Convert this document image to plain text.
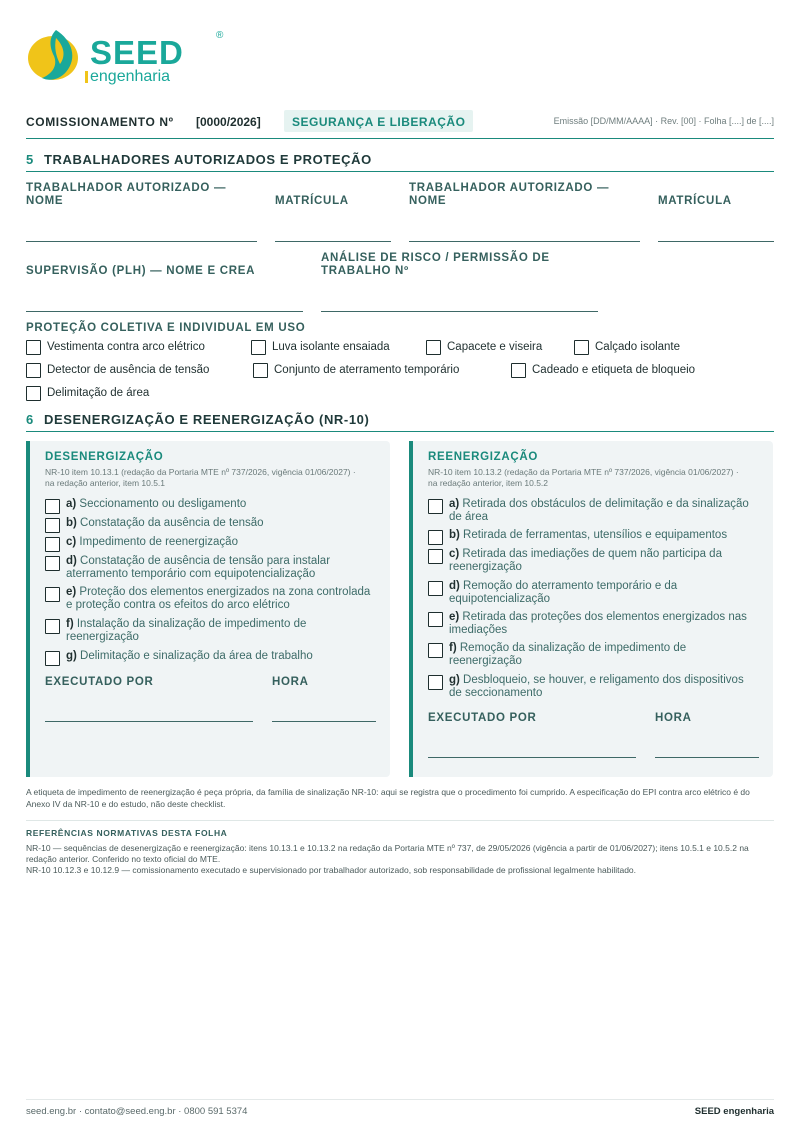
SEED
engenharia
®
COMISSIONAMENTO Nº [0000/2026]	SEGURANÇA E LIBERAÇÃO	Emissão [DD/MM/AAAA] · Rev. [00] · Folha [....] de [....]
5 TRABALHADORES AUTORIZADOS E PROTEÇÃO
TRABALHADOR AUTORIZADO — NOME	MATRÍCULA
TRABALHADOR AUTORIZADO — NOME	MATRÍCULA
SUPERVISÃO (PLH) — NOME E CREA
ANÁLISE DE RISCO / PERMISSÃO DE TRABALHO Nº
PROTEÇÃO COLETIVA E INDIVIDUAL EM USO
Vestimenta contra arco elétrico	Luva isolante ensaiada	Capacete e viseira	Calçado isolante
Detector de ausência de tensão	Conjunto de aterramento temporário	Cadeado e etiqueta de bloqueio
Delimitação de área
6 DESENERGIZAÇÃO E REENERGIZAÇÃO (NR-10)
DESENERGIZAÇÃO
NR-10 item 10.13.1 (redação da Portaria MTE nº 737/2026, vigência 01/06/2027) · na redação anterior, item 10.5.1
a) Seccionamento ou desligamento
b) Constatação da ausência de tensão
c) Impedimento de reenergização
d) Constatação de ausência de tensão para instalar aterramento temporário com equipotencialização
e) Proteção dos elementos energizados na zona controlada e proteção contra os efeitos do arco elétrico
f) Instalação da sinalização de impedimento de reenergização
g) Delimitação e sinalização da área de trabalho
EXECUTADO POR	HORA
REENERGIZAÇÃO
NR-10 item 10.13.2 (redação da Portaria MTE nº 737/2026, vigência 01/06/2027) · na redação anterior, item 10.5.2
a) Retirada dos obstáculos de delimitação e da sinalização de área
b) Retirada de ferramentas, utensílios e equipamentos
c) Retirada das imediações de quem não participa da reenergização
d) Remoção do aterramento temporário e da equipotencialização
e) Retirada das proteções dos elementos energizados nas imediações
f) Remoção da sinalização de impedimento de reenergização
g) Desbloqueio, se houver, e religamento dos dispositivos de seccionamento
EXECUTADO POR	HORA
A etiqueta de impedimento de reenergização é peça própria, da família de sinalização NR-10: aqui se registra que o procedimento foi cumprido. A especificação do EPI contra arco elétrico é do Anexo IV da NR-10 e do estudo, não deste checklist.
REFERÊNCIAS NORMATIVAS DESTA FOLHA
NR-10 — sequências de desenergização e reenergização: itens 10.13.1 e 10.13.2 na redação da Portaria MTE nº 737, de 29/05/2026 (vigência a partir de 01/06/2027); itens 10.5.1 e 10.5.2 na redação anterior. Conferido no texto oficial do MTE.
NR-10 10.12.3 e 10.12.9 — comissionamento executado e supervisionado por trabalhador autorizado, sob responsabilidade de profissional legalmente habilitado.
seed.eng.br · contato@seed.eng.br · 0800 591 5374	SEED engenharia
